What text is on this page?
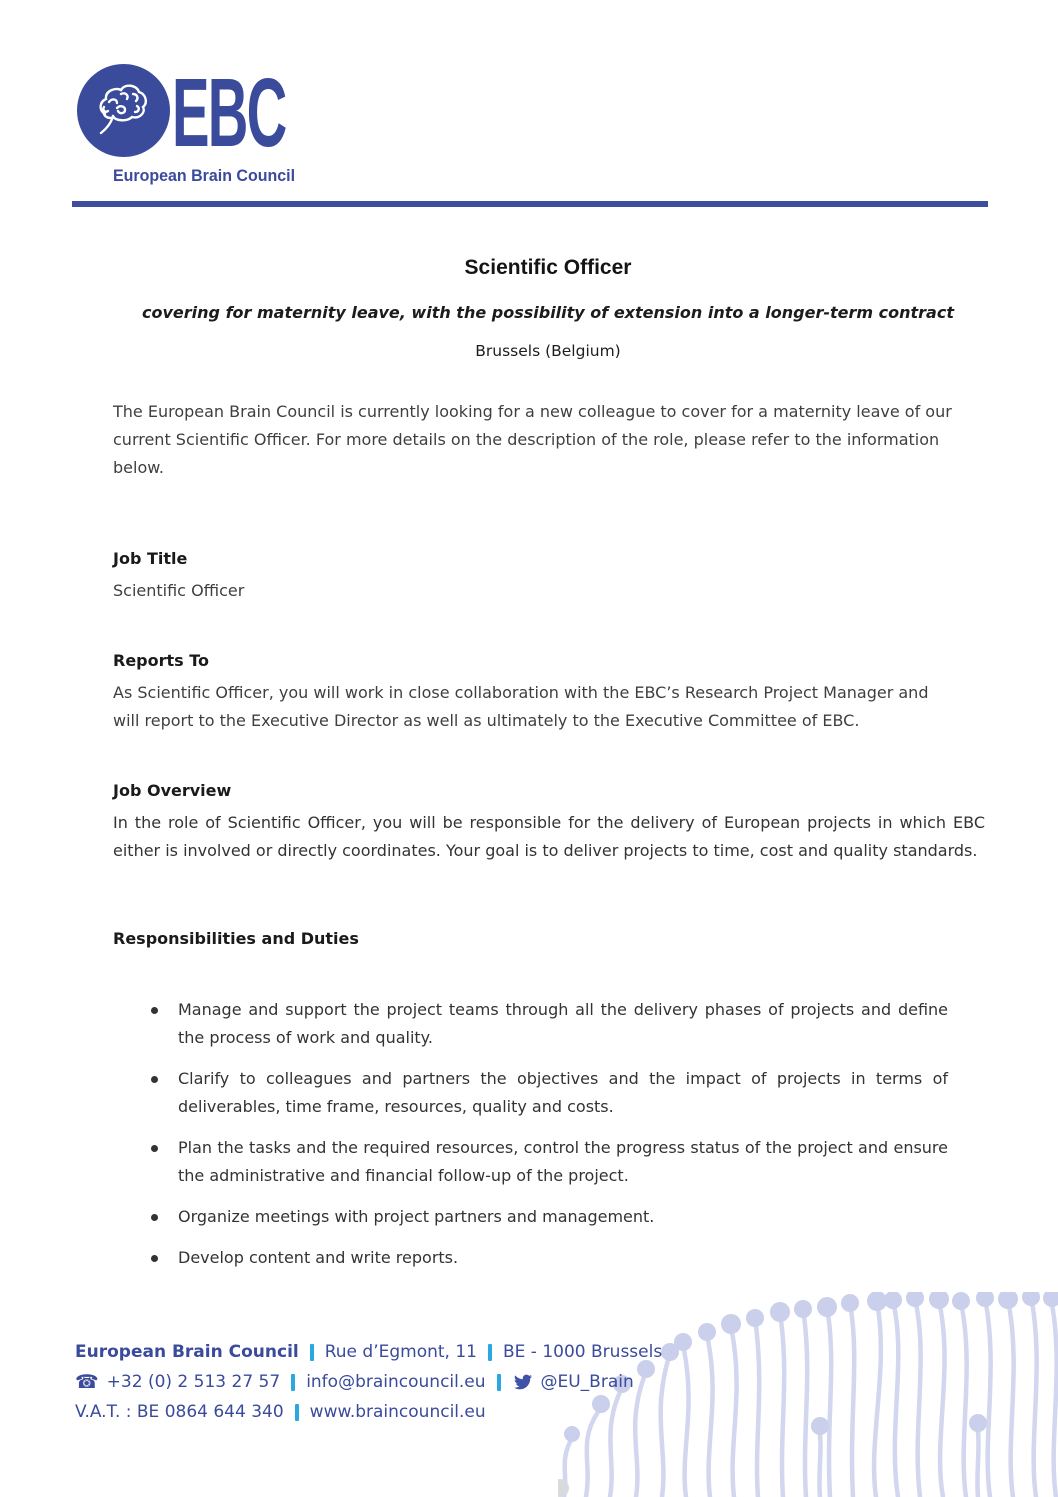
EBC
European Brain Council
Scientific Officer
covering for maternity leave, with the possibility of extension into a longer-term contract
Brussels (Belgium)

The European Brain Council is currently looking for a new colleague to cover for a maternity leave of our current Scientific Officer. For more details on the description of the role, please refer to the information below.

Job Title

Scientific Officer

Reports To

As Scientific Officer, you will work in close collaboration with the EBC’s Research Project Manager and will report to the Executive Director as well as ultimately to the Executive Committee of EBC.

Job Overview

In the role of Scientific Officer, you will be responsible for the delivery of European projects in which EBC either is involved or directly coordinates. Your goal is to deliver projects to time, cost and quality standards.

Responsibilities and Duties
Manage and support the project teams through all the delivery phases of projects and define the process of work and quality.
Clarify to colleagues and partners the objectives and the impact of projects in terms of deliverables, time frame, resources, quality and costs.
Plan the tasks and the required resources, control the progress status of the project and ensure the administrative and financial follow-up of the project.
Organize meetings with project partners and management.
Develop content and write reports.
European Brain Council Rue d’Egmont, 11 BE - 1000 Brussels
☎ +32 (0) 2 513 27 57 info@braincouncil.eu	@EU_Brain
V.A.T. : BE 0864 644 340 www.braincouncil.eu
